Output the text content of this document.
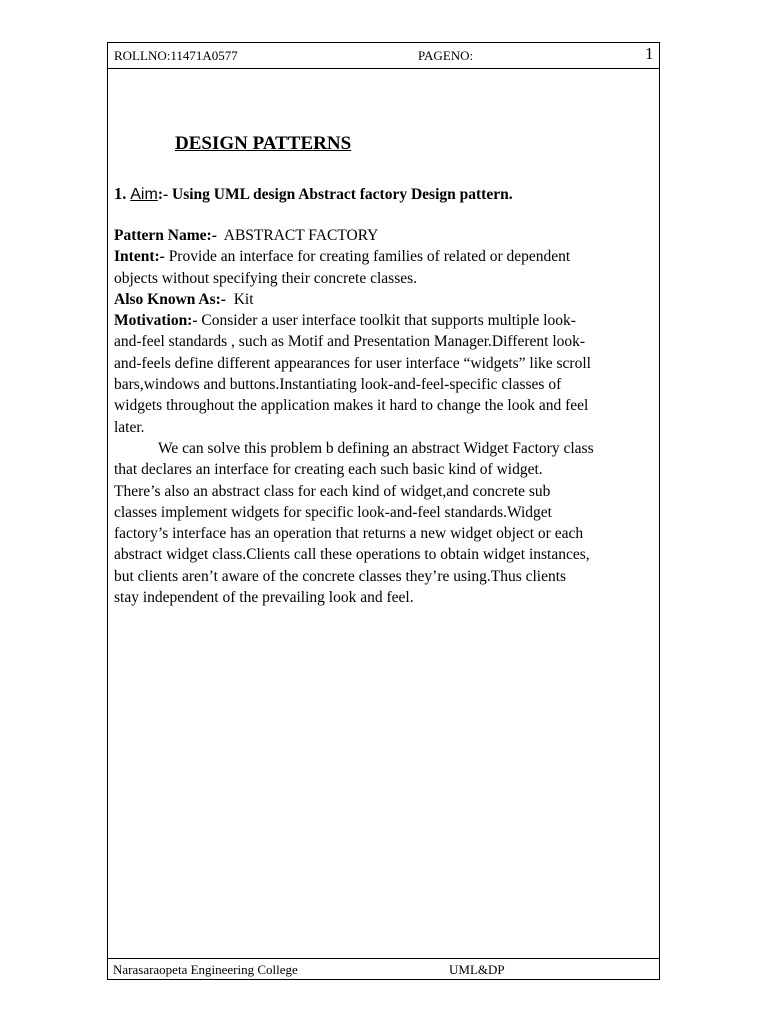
ROLLNO:11471A0577	PAGENO:	1
DESIGN PATTERNS
1. Aim:- Using UML design Abstract factory Design pattern.
Pattern Name:-  ABSTRACT FACTORY
Intent:- Provide an interface for creating families of related or dependent
objects without specifying their concrete classes.
Also Known As:-  Kit
Motivation:- Consider a user interface toolkit that supports multiple look-
and-feel standards , such as Motif and Presentation Manager.Different look-
and-feels define different appearances for user interface “widgets” like scroll
bars,windows and buttons.Instantiating look-and-feel-specific classes of
widgets throughout the application makes it hard to change the look and feel
later.
We can solve this problem b defining an abstract Widget Factory class
that declares an interface for creating each such basic kind of widget.
There’s also an abstract class for each kind of widget,and concrete sub
classes implement widgets for specific look-and-feel standards.Widget
factory’s interface has an operation that returns a new widget object or each
abstract widget class.Clients call these operations to obtain widget instances,
but clients aren’t aware of the concrete classes they’re using.Thus clients
stay independent of the prevailing look and feel.
Narasaraopeta Engineering College	UML&DP
